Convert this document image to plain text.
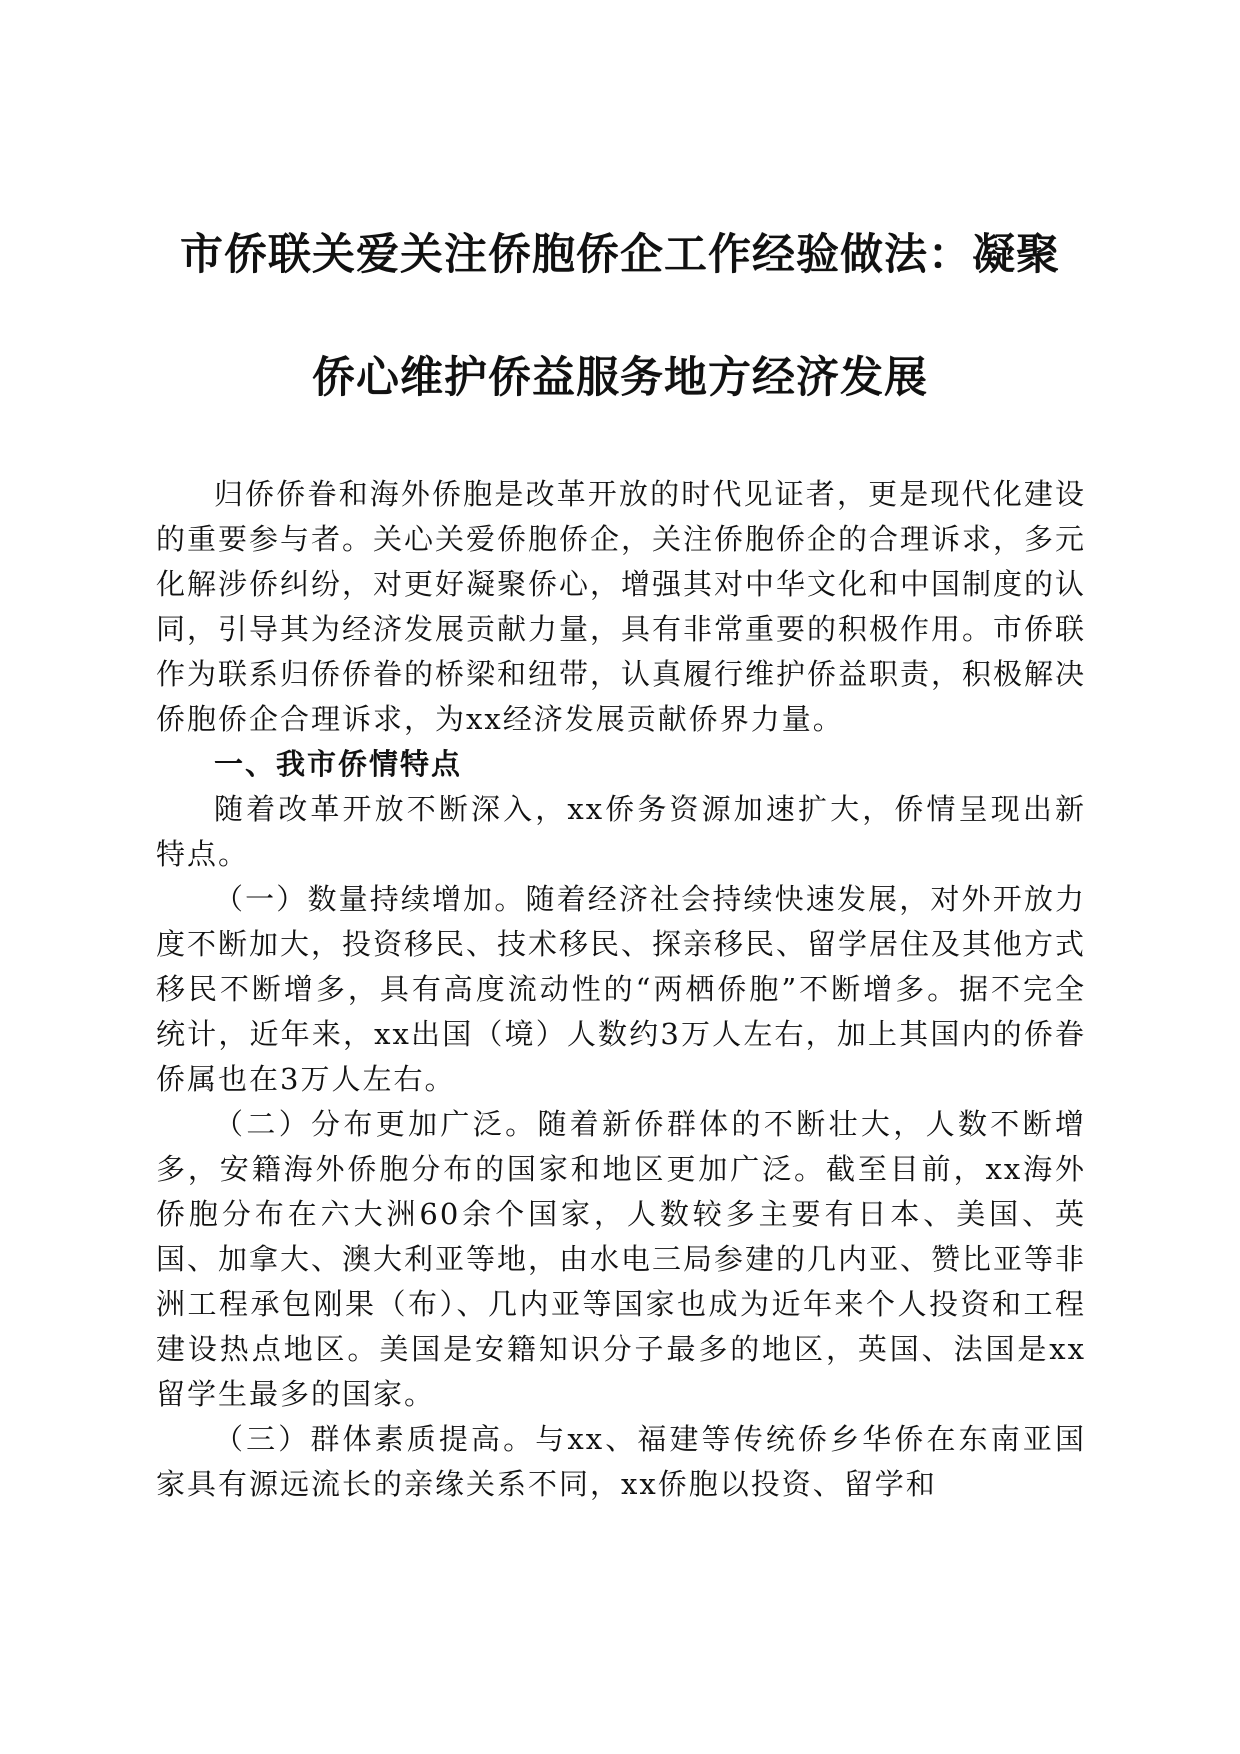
市侨联关爱关注侨胞侨企工作经验做法：凝聚
侨心维护侨益服务地方经济发展

归侨侨眷和海外侨胞是改革开放的时代见证者，更是现代化建设的重要参与者。关心关爱侨胞侨企，关注侨胞侨企的合理诉求，多元化解涉侨纠纷，对更好凝聚侨心，增强其对中华文化和中国制度的认同，引导其为经济发展贡献力量，具有非常重要的积极作用。市侨联作为联系归侨侨眷的桥梁和纽带，认真履行维护侨益职责，积极解决侨胞侨企合理诉求，为xx经济发展贡献侨界力量。

一、我市侨情特点

随着改革开放不断深入，xx侨务资源加速扩大，侨情呈现出新特点。

（一）数量持续增加。随着经济社会持续快速发展，对外开放力度不断加大，投资移民、技术移民、探亲移民、留学居住及其他方式移民不断增多，具有高度流动性的“两栖侨胞”不断增多。据不完全统计，近年来，xx出国（境）人数约3万人左右，加上其国内的侨眷侨属也在3万人左右。

（二）分布更加广泛。随着新侨群体的不断壮大，人数不断增多，安籍海外侨胞分布的国家和地区更加广泛。截至目前，xx海外侨胞分布在六大洲60余个国家，人数较多主要有日本、美国、英国、加拿大、澳大利亚等地，由水电三局参建的几内亚、赞比亚等非洲工程承包刚果（布）、几内亚等国家也成为近年来个人投资和工程建设热点地区。美国是安籍知识分子最多的地区，英国、法国是xx留学生最多的国家。

（三）群体素质提高。与xx、福建等传统侨乡华侨在东南亚国家具有源远流长的亲缘关系不同，xx侨胞以投资、留学和
